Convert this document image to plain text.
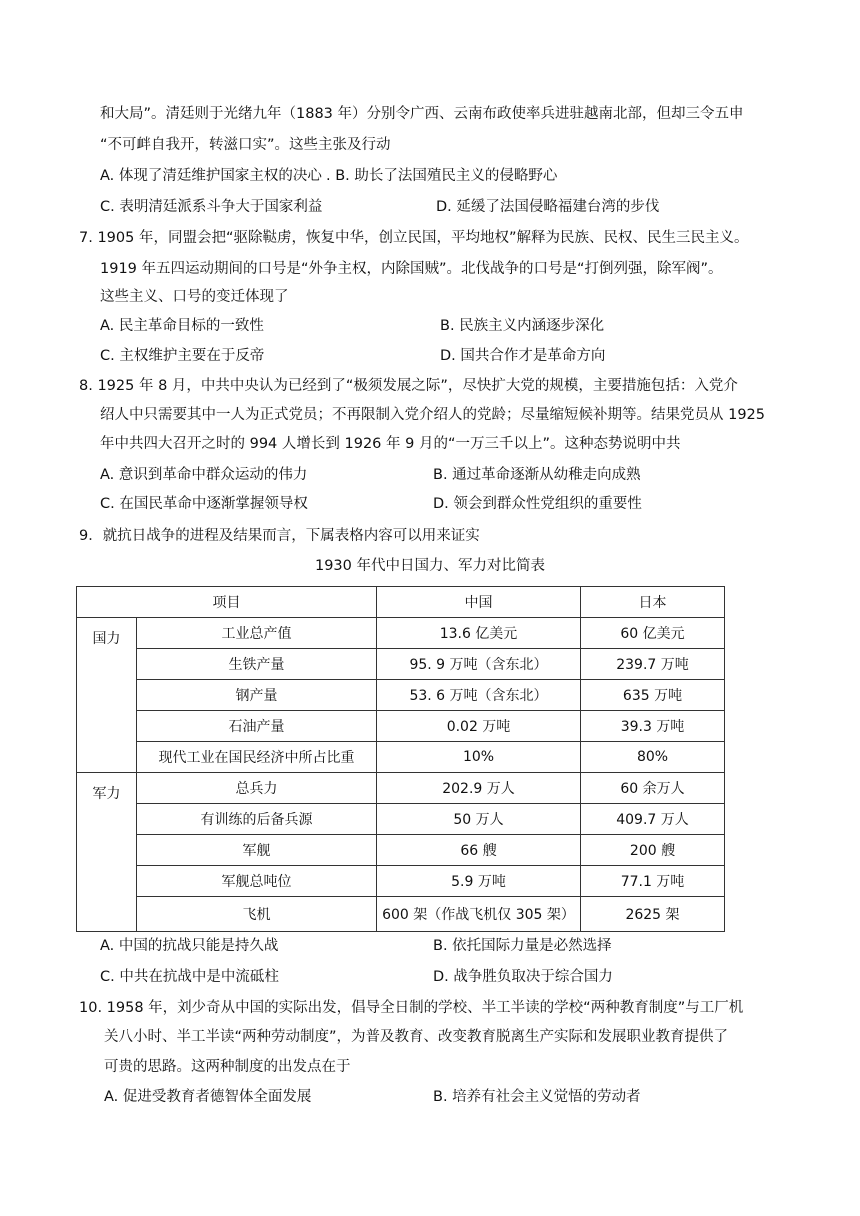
和大局”。清廷则于光绪九年（1883 年）分别令广西、云南布政使率兵进驻越南北部，但却三令五申
“不可衅自我开，转滋口实”。这些主张及行动
A. 体现了清廷维护国家主权的决心 . B. 助长了法国殖民主义的侵略野心
C. 表明清廷派系斗争大于国家利益	D. 延缓了法国侵略福建台湾的步伐
7. 1905 年，同盟会把“驱除鞑虏，恢复中华，创立民国，平均地权”解释为民族、民权、民生三民主义。
1919 年五四运动期间的口号是“外争主权，内除国贼”。北伐战争的口号是“打倒列强，除军阀”。
这些主义、口号的变迁体现了
A. 民主革命目标的一致性	B. 民族主义内涵逐步深化
C. 主权维护主要在于反帝	D. 国共合作才是革命方向
8. 1925 年 8 月，中共中央认为已经到了“极须发展之际”，尽快扩大党的规模，主要措施包括：入党介
绍人中只需要其中一人为正式党员；不再限制入党介绍人的党龄；尽量缩短候补期等。结果党员从 1925
年中共四大召开之时的 994 人增长到 1926 年 9 月的“一万三千以上”。这种态势说明中共
A. 意识到革命中群众运动的伟力	B. 通过革命逐渐从幼稚走向成熟
C. 在国民革命中逐渐掌握领导权	D. 领会到群众性党组织的重要性
9．就抗日战争的进程及结果而言，下属表格内容可以用来证实
1930 年代中日国力、军力对比简表
项目		中国	日本
国力	工业总产值	13.6 亿美元	60 亿美元
	生铁产量	95. 9 万吨（含东北）	239.7 万吨
	钢产量	53. 6 万吨（含东北）	635 万吨
	石油产量	0.02 万吨	39.3 万吨
	现代工业在国民经济中所占比重	10%	80%
军力	总兵力	202.9 万人	60 余万人
	有训练的后备兵源	50 万人	409.7 万人
	军舰	66 艘	200 艘
	军舰总吨位	5.9 万吨	77.1 万吨
	飞机	600 架（作战飞机仅 305 架）	2625 架
A. 中国的抗战只能是持久战	B. 依托国际力量是必然选择
C. 中共在抗战中是中流砥柱	D. 战争胜负取决于综合国力
10. 1958 年，刘少奇从中国的实际出发，倡导全日制的学校、半工半读的学校“两种教育制度”与工厂机
关八小时、半工半读“两种劳动制度”，为普及教育、改变教育脱离生产实际和发展职业教育提供了
可贵的思路。这两种制度的出发点在于
A. 促进受教育者德智体全面发展	B. 培养有社会主义觉悟的劳动者
